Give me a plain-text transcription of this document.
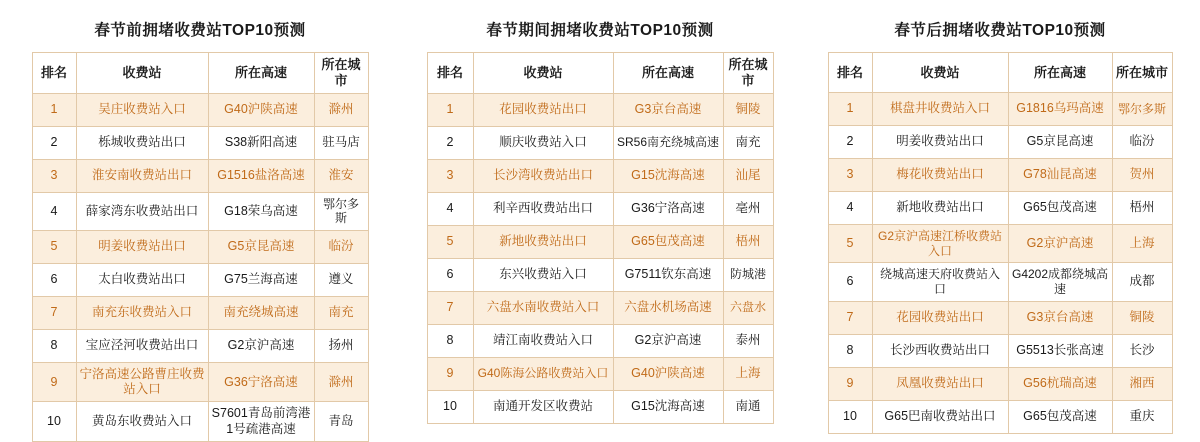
春节前拥堵收费站TOP10预测
排名	收费站	所在高速	所在城市
1	吴庄收费站入口	G40沪陕高速	滁州
2	栎城收费站出口	S38新阳高速	驻马店
3	淮安南收费站出口	G1516盐洛高速	淮安
4	薛家湾东收费站出口	G18荣乌高速	鄂尔多斯
5	明姜收费站出口	G5京昆高速	临汾
6	太白收费站出口	G75兰海高速	遵义
7	南充东收费站入口	南充绕城高速	南充
8	宝应泾河收费站出口	G2京沪高速	扬州
9	宁洛高速公路曹庄收费站入口	G36宁洛高速	滁州
10	黄岛东收费站入口	S7601青岛前湾港1号疏港高速	青岛
春节期间拥堵收费站TOP10预测
排名	收费站	所在高速	所在城市
1	花园收费站出口	G3京台高速	铜陵
2	顺庆收费站入口	SR56南充绕城高速	南充
3	长沙湾收费站出口	G15沈海高速	汕尾
4	利辛西收费站出口	G36宁洛高速	亳州
5	新地收费站出口	G65包茂高速	梧州
6	东兴收费站入口	G7511钦东高速	防城港
7	六盘水南收费站入口	六盘水机场高速	六盘水
8	靖江南收费站入口	G2京沪高速	泰州
9	G40陈海公路收费站入口	G40沪陕高速	上海
10	南通开发区收费站	G15沈海高速	南通
春节后拥堵收费站TOP10预测
排名	收费站	所在高速	所在城市
1	棋盘井收费站入口	G1816乌玛高速	鄂尔多斯
2	明姜收费站出口	G5京昆高速	临汾
3	梅花收费站出口	G78汕昆高速	贺州
4	新地收费站出口	G65包茂高速	梧州
5	G2京沪高速江桥收费站入口	G2京沪高速	上海
6	绕城高速天府收费站入口	G4202成都绕城高速	成都
7	花园收费站出口	G3京台高速	铜陵
8	长沙西收费站出口	G5513长张高速	长沙
9	凤凰收费站出口	G56杭瑞高速	湘西
10	G65巴南收费站出口	G65包茂高速	重庆
